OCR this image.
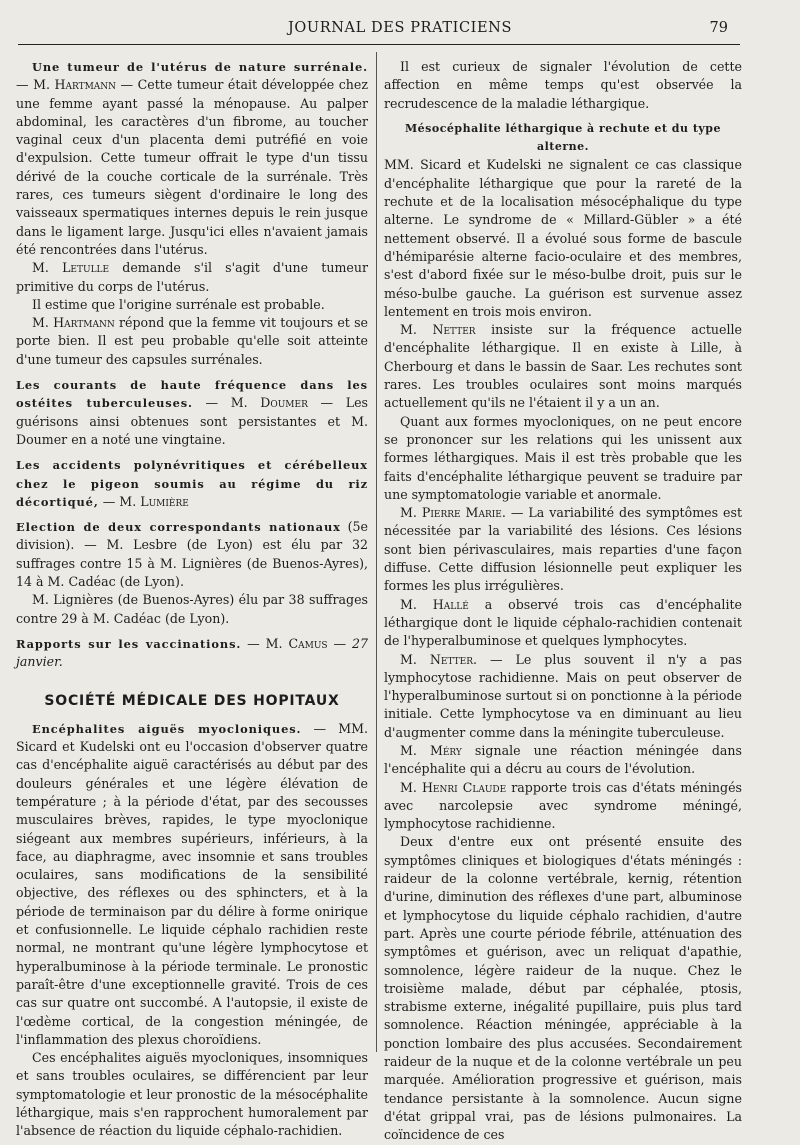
JOURNAL DES PRATICIENS	79

Une tumeur de l'utérus de nature surrénale. — M. Hartmann — Cette tumeur était développée chez une femme ayant passé la ménopause. Au palper abdominal, les caractères d'un fibrome, au toucher vaginal ceux d'un placenta demi putréfié en voie d'expulsion. Cette tumeur offrait le type d'un tissu dérivé de la couche corticale de la surrénale. Très rares, ces tumeurs siègent d'ordinaire le long des vaisseaux spermatiques internes depuis le rein jusque dans le ligament large. Jusqu'ici elles n'avaient jamais été rencontrées dans l'utérus.

M. Letulle demande s'il s'agit d'une tumeur primitive du corps de l'utérus.

Il estime que l'origine surrénale est probable.

M. Hartmann répond que la femme vit toujours et se porte bien. Il est peu probable qu'elle soit atteinte d'une tumeur des capsules surrénales.

Les courants de haute fréquence dans les ostéites tuberculeuses. — M. Doumer — Les guérisons ainsi obtenues sont persistantes et M. Doumer en a noté une vingtaine.

Les accidents polynévritiques et cérébelleux chez le pigeon soumis au régime du riz décortiqué, — M. Lumière

Election de deux correspondants nationaux (5e division). — M. Lesbre (de Lyon) est élu par 32 suffrages contre 15 à M. Lignières (de Buenos-Ayres), 14 à M. Cadéac (de Lyon).

M. Lignières (de Buenos-Ayres) élu par 38 suffrages contre 29 à M. Cadéac (de Lyon).

Rapports sur les vaccinations. — M. Camus — 27 janvier.

SOCIÉTÉ MÉDICALE DES HOPITAUX

Encéphalites aiguës myocloniques. — MM. Sicard et Kudelski ont eu l'occasion d'observer quatre cas d'encéphalite aiguë caractérisés au début par des douleurs générales et une légère élévation de température ; à la période d'état, par des secousses musculaires brèves, rapides, le type myoclonique siégeant aux membres supérieurs, inférieurs, à la face, au diaphragme, avec insomnie et sans troubles oculaires, sans modifications de la sensibilité objective, des réflexes ou des sphincters, et à la période de terminaison par du délire à forme onirique et confusionnelle. Le liquide céphalo rachidien reste normal, ne montrant qu'une légère lymphocytose et hyperalbuminose à la période terminale. Le pronostic paraît-être d'une exceptionnelle gravité. Trois de ces cas sur quatre ont succombé. A l'autopsie, il existe de l'œdème cortical, de la congestion méningée, de l'inflammation des plexus choroïdiens.

Ces encéphalites aiguës myocloniques, insomniques et sans troubles oculaires, se différencient par leur symptomatologie et leur pronostic de la mésocéphalite léthargique, mais s'en rapprochent humoralement par l'absence de réaction du liquide céphalo-rachidien.

Il est curieux de signaler l'évolution de cette affection en même temps qu'est observée la recrudescence de la maladie léthargique.

Mésocéphalite léthargique à rechute et du type alterne.

MM. Sicard et Kudelski ne signalent ce cas classique d'encéphalite léthargique que pour la rareté de la rechute et de la localisation mésocéphalique du type alterne. Le syndrome de « Millard-Gübler » a été nettement observé. Il a évolué sous forme de bascule d'hémiparésie alterne facio-oculaire et des membres, s'est d'abord fixée sur le méso-bulbe droit, puis sur le méso-bulbe gauche. La guérison est survenue assez lentement en trois mois environ.

M. Netter insiste sur la fréquence actuelle d'encéphalite léthargique. Il en existe à Lille, à Cherbourg et dans le bassin de Saar. Les rechutes sont rares. Les troubles oculaires sont moins marqués actuellement qu'ils ne l'étaient il y a un an.

Quant aux formes myocloniques, on ne peut encore se prononcer sur les relations qui les unissent aux formes léthargiques. Mais il est très probable que les faits d'encéphalite léthargique peuvent se traduire par une symptomatologie variable et anormale.

M. Pierre Marie. — La variabilité des symptômes est nécessitée par la variabilité des lésions. Ces lésions sont bien périvasculaires, mais reparties d'une façon diffuse. Cette diffusion lésionnelle peut expliquer les formes les plus irrégulières.

M. Hallé a observé trois cas d'encéphalite léthargique dont le liquide céphalo-rachidien contenait de l'hyperalbuminose et quelques lymphocytes.

M. Netter. — Le plus souvent il n'y a pas lymphocytose rachidienne. Mais on peut observer de l'hyperalbuminose surtout si on ponctionne à la période initiale. Cette lymphocytose va en diminuant au lieu d'augmenter comme dans la méningite tuberculeuse.

M. Méry signale une réaction méningée dans l'encéphalite qui a décru au cours de l'évolution.

M. Henri Claude rapporte trois cas d'états méningés avec narcolepsie avec syndrome méningé, lymphocytose rachidienne.

Deux d'entre eux ont présenté ensuite des symptômes cliniques et biologiques d'états méningés : raideur de la colonne vertébrale, kernig, rétention d'urine, diminution des réflexes d'une part, albuminose et lymphocytose du liquide céphalo rachidien, d'autre part. Après une courte période fébrile, atténuation des symptômes et guérison, avec un reliquat d'apathie, somnolence, légère raideur de la nuque. Chez le troisième malade, début par céphalée, ptosis, strabisme externe, inégalité pupillaire, puis plus tard somnolence. Réaction méningée, appréciable à la ponction lombaire des plus accusées. Secondairement raideur de la nuque et de la colonne vertébrale un peu marquée. Amélioration progressive et guérison, mais tendance persistante à la somnolence. Aucun signe d'état grippal vrai, pas de lésions pulmonaires. La coïncidence de ces
